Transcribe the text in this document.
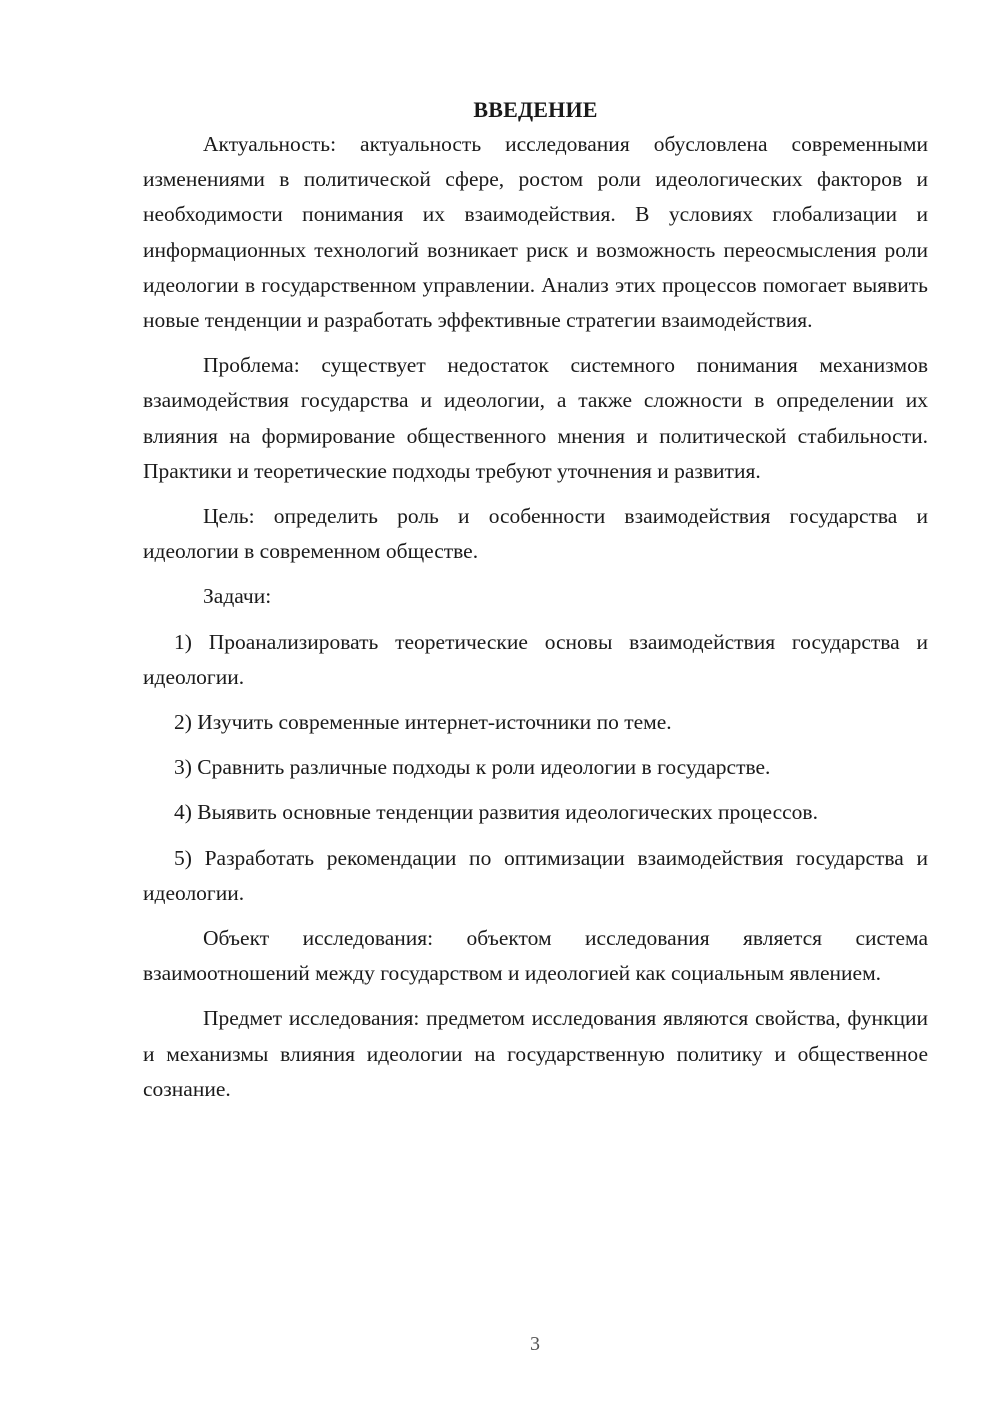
ВВЕДЕНИЕ

Актуальность: актуальность исследования обусловлена современными изменениями в политической сфере, ростом роли идеологических факторов и необходимости понимания их взаимодействия. В условиях глобализации и информационных технологий возникает риск и возможность переосмысления роли идеологии в государственном управлении. Анализ этих процессов помогает выявить новые тенденции и разработать эффективные стратегии взаимодействия.

Проблема: существует недостаток системного понимания механизмов взаимодействия государства и идеологии, а также сложности в определении их влияния на формирование общественного мнения и политической стабильности. Практики и теоретические подходы требуют уточнения и развития.

Цель: определить роль и особенности взаимодействия государства и идеологии в современном обществе.

Задачи:

1) Проанализировать теоретические основы взаимодействия государства и идеологии.

2) Изучить современные интернет-источники по теме.

3) Сравнить различные подходы к роли идеологии в государстве.

4) Выявить основные тенденции развития идеологических процессов.

5) Разработать рекомендации по оптимизации взаимодействия государства и идеологии.

Объект исследования: объектом исследования является система взаимоотношений между государством и идеологией как социальным явлением.

Предмет исследования: предметом исследования являются свойства, функции и механизмы влияния идеологии на государственную политику и общественное сознание.

3
